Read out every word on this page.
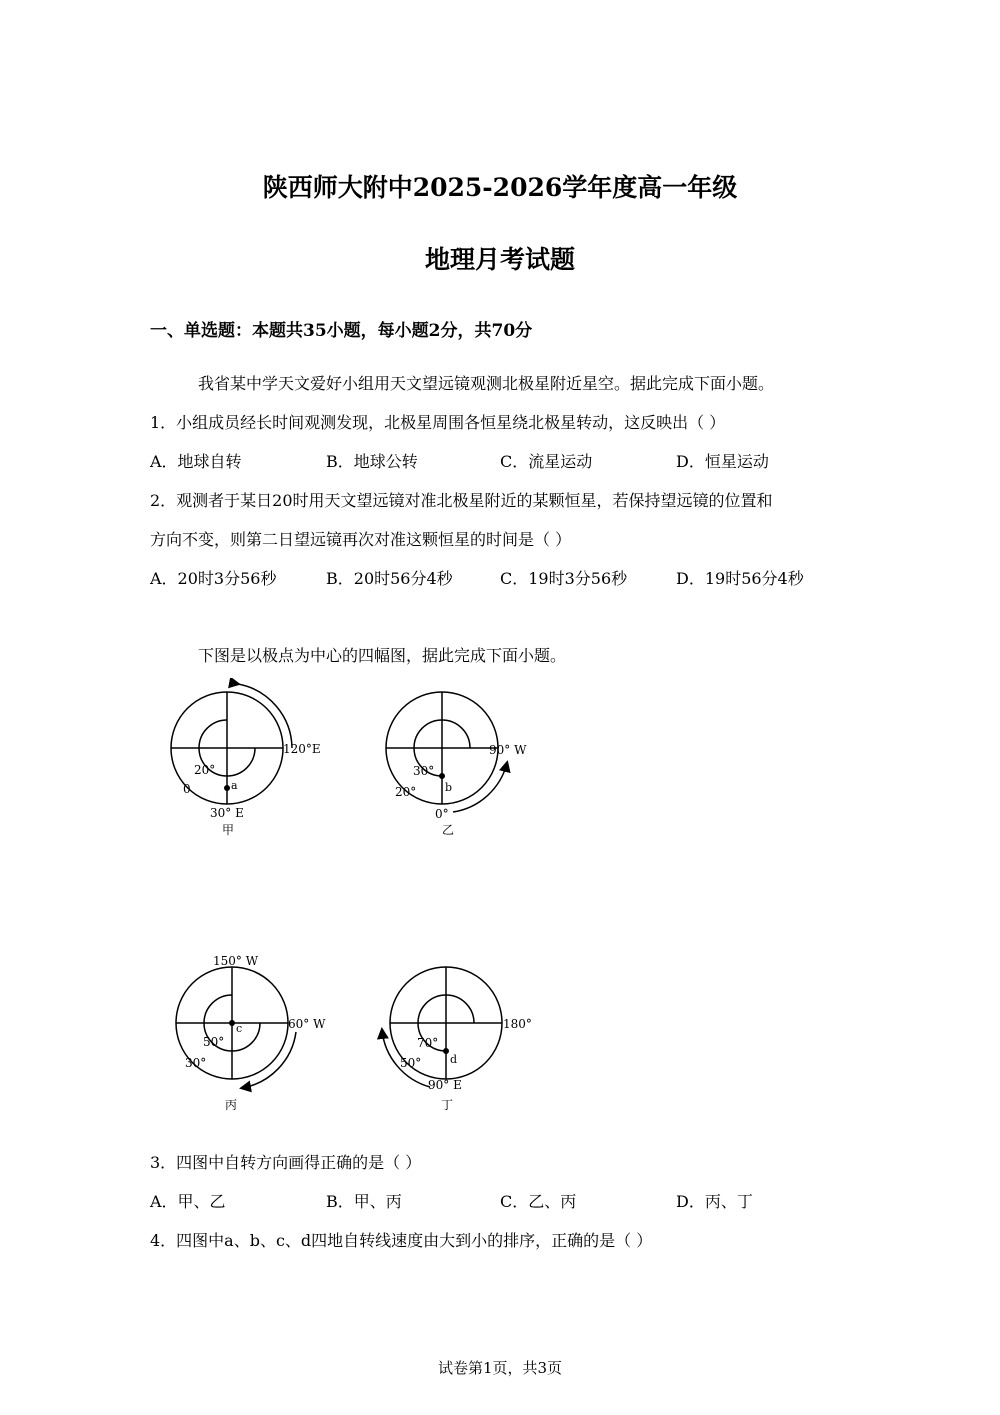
陕西师大附中2025-2026学年度高一年级
地理月考试题
一、单选题：本题共35小题，每小题2分，共70分
我省某中学天文爱好小组用天文望远镜观测北极星附近星空。据此完成下面小题。
1．小组成员经长时间观测发现，北极星周围各恒星绕北极星转动，这反映出（ ）
A．地球自转	B．地球公转	C．流星运动	D．恒星运动
2．观测者于某日20时用天文望远镜对准北极星附近的某颗恒星，若保持望远镜的位置和
方向不变，则第二日望远镜再次对准这颗恒星的时间是（ ）
A．20时3分56秒	B．20时56分4秒	C．19时3分56秒	D．19时56分4秒
下图是以极点为中心的四幅图，据此完成下面小题。
120°E
20°
a
0
30° E
甲
90° W
30°
b
20°
0°
乙
150° W
60° W
c
50°
30°
丙
180°
70°
d
50°
90° E
丁
3．四图中自转方向画得正确的是（ ）
A．甲、乙	B．甲、丙	C．乙、丙	D．丙、丁
4．四图中a、b、c、d四地自转线速度由大到小的排序，正确的是（ ）
试卷第1页，共3页
